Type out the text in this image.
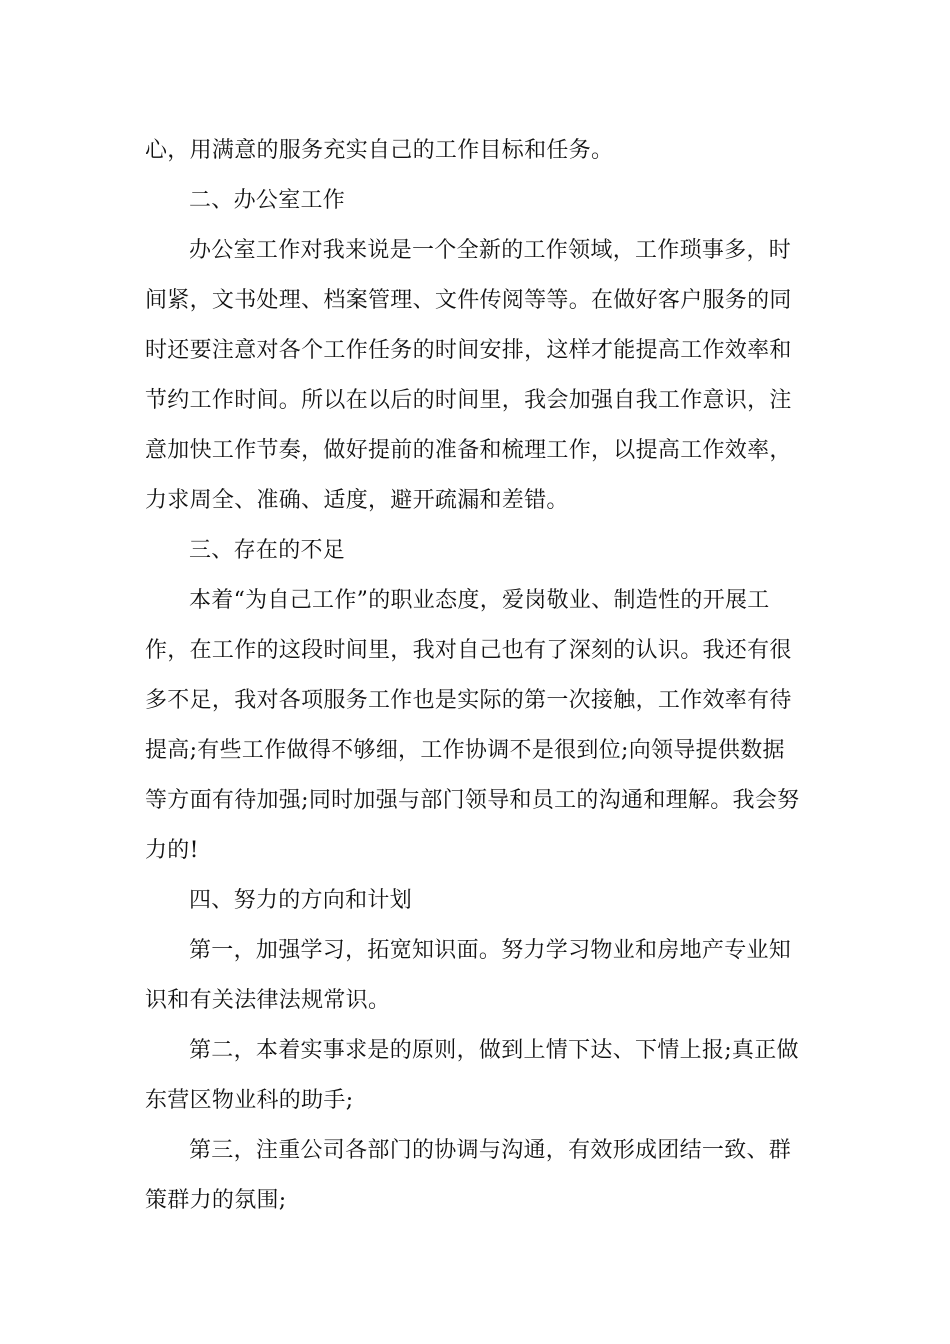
心，用满意的服务充实自己的工作目标和任务。
二、办公室工作
办公室工作对我来说是一个全新的工作领域，工作琐事多，时
间紧，文书处理、档案管理、文件传阅等等。在做好客户服务的同
时还要注意对各个工作任务的时间安排，这样才能提高工作效率和
节约工作时间。所以在以后的时间里，我会加强自我工作意识，注
意加快工作节奏，做好提前的准备和梳理工作，以提高工作效率，
力求周全、准确、适度，避开疏漏和差错。
三、存在的不足
本着“为自己工作”的职业态度，爱岗敬业、制造性的开展工
作，在工作的这段时间里，我对自己也有了深刻的认识。我还有很
多不足，我对各项服务工作也是实际的第一次接触，工作效率有待
提高;有些工作做得不够细，工作协调不是很到位;向领导提供数据
等方面有待加强;同时加强与部门领导和员工的沟通和理解。我会努
力的!
四、努力的方向和计划
第一，加强学习，拓宽知识面。努力学习物业和房地产专业知
识和有关法律法规常识。
第二，本着实事求是的原则，做到上情下达、下情上报;真正做
东营区物业科的助手;
第三，注重公司各部门的协调与沟通，有效形成团结一致、群
策群力的氛围;
